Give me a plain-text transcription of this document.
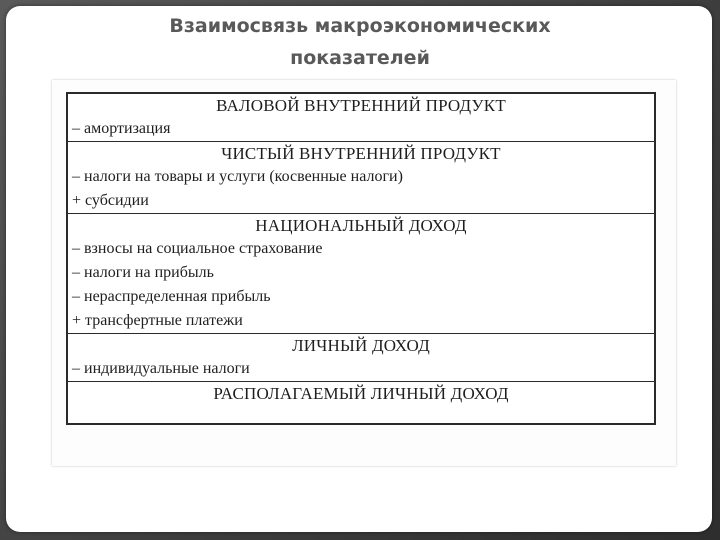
Взаимосвязь макроэкономических
показателей
ВАЛОВОЙ ВНУТРЕННИЙ ПРОДУКТ
– амортизация
ЧИСТЫЙ ВНУТРЕННИЙ ПРОДУКТ
– налоги на товары и услуги (косвенные налоги)
+ субсидии
НАЦИОНАЛЬНЫЙ ДОХОД
– взносы на социальное страхование
– налоги на прибыль
– нераспределенная прибыль
+ трансфертные платежи
ЛИЧНЫЙ ДОХОД
– индивидуальные налоги
РАСПОЛАГАЕМЫЙ ЛИЧНЫЙ ДОХОД
